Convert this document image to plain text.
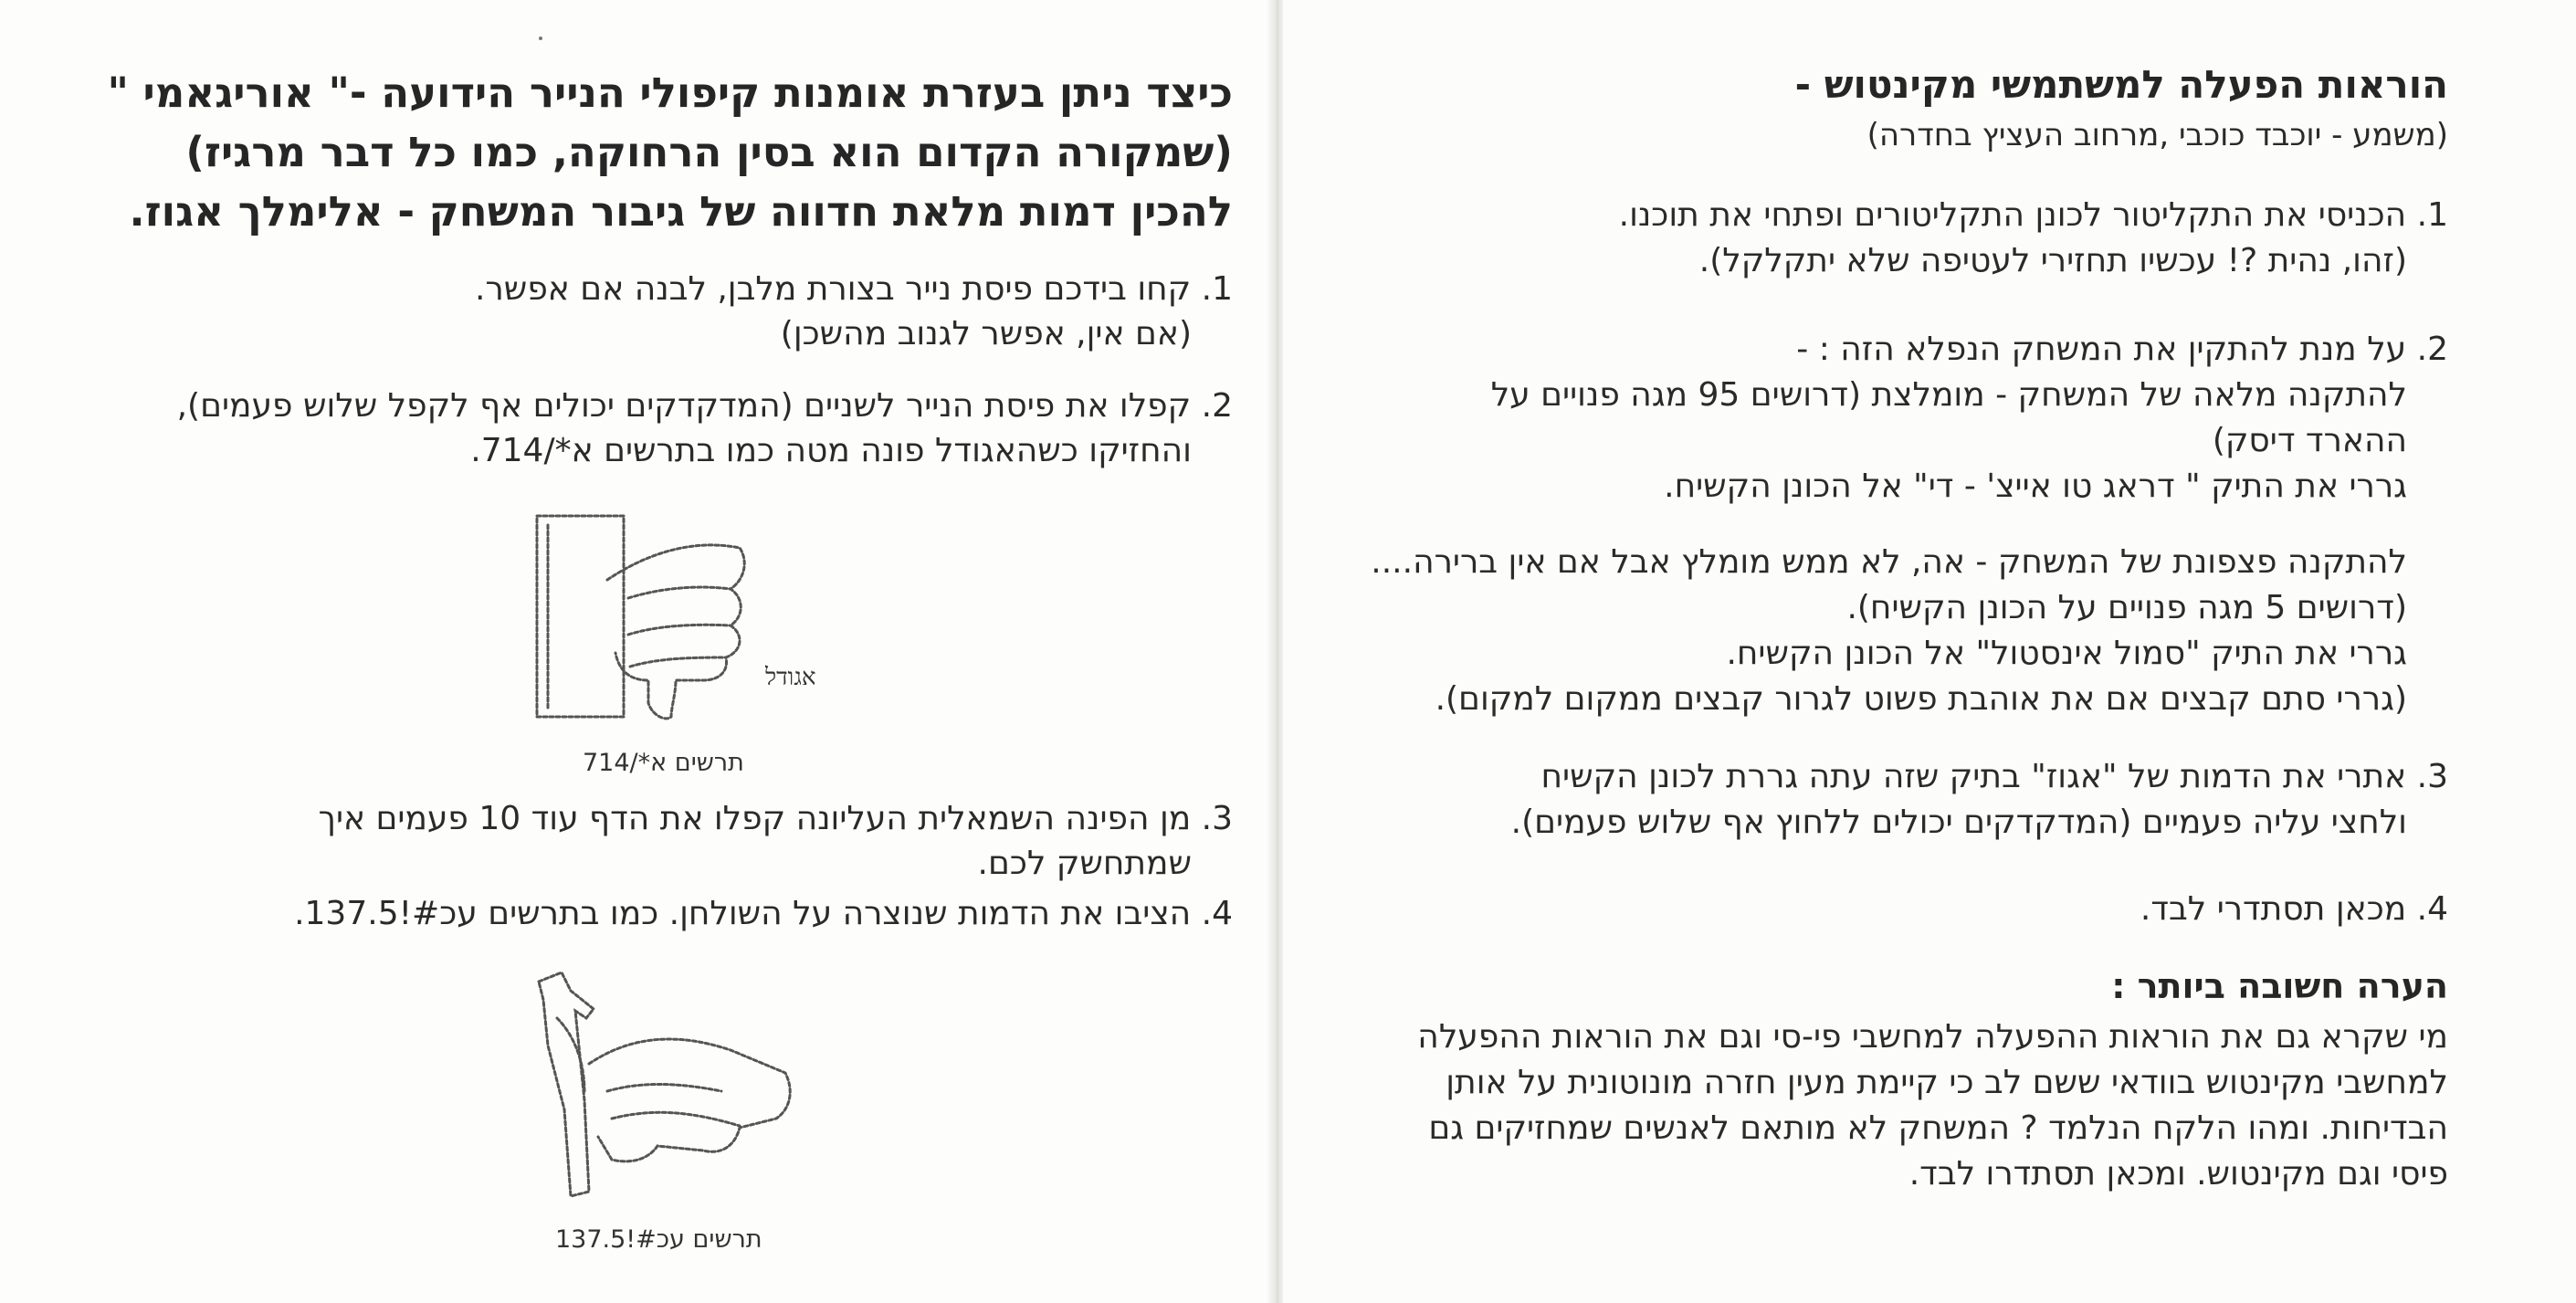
כיצד ניתן בעזרת אומנות קיפולי הנייר הידועה -" אוריגאמי "
(שמקורה הקדום הוא בסין הרחוקה, כמו כל דבר מרגיז)
להכין דמות מלאת חדווה של גיבור המשחק - אלימלך אגוז.

1. קחו בידכם פיסת נייר בצורת מלבן, לבנה אם אפשר.

(אם אין, אפשר לגנוב מהשכן)

2. קפלו את פיסת הנייר לשניים (המדקדקים יכולים אף לקפל שלוש פעמים),

והחזיקו כשהאגודל פונה מטה כמו בתרשים א*/714.

אגודל

תרשים א*/714

3. מן הפינה השמאלית העליונה קפלו את הדף עוד 10 פעמים איך

שמתחשק לכם.

4. הציבו את הדמות שנוצרה על השולחן. כמו בתרשים עכ#!137.5.

תרשים עכ#!137.5

הוראות הפעלה למשתמשי מקינטוש -

(משמע - יוכבד כוכבי ,מרחוב העציץ בחדרה)

1. הכניסי את התקליטור לכונן התקליטורים ופתחי את תוכנו.

(זהו, נהית ?! עכשיו תחזירי לעטיפה שלא יתקלקל).

2. על מנת להתקין את המשחק הנפלא הזה : -

להתקנה מלאה של המשחק - מומלצת (דרושים 95 מגה פנויים על

ההארד דיסק)

גררי את התיק " דראג טו אייצ' - די" אל הכונן הקשיח.

להתקנה פצפונת של המשחק - אה, לא ממש מומלץ אבל אם אין ברירה....

(דרושים 5 מגה פנויים על הכונן הקשיח).

גררי את התיק "סמול אינסטול" אל הכונן הקשיח.

(גררי סתם קבצים אם את אוהבת פשוט לגרור קבצים ממקום למקום).

3. אתרי את הדמות של "אגוז" בתיק שזה עתה גררת לכונן הקשיח

ולחצי עליה פעמיים (המדקדקים יכולים ללחוץ אף שלוש פעמים).

4. מכאן תסתדרי לבד.

הערה חשובה ביותר :

מי שקרא גם את הוראות ההפעלה למחשבי פי-סי וגם את הוראות ההפעלה

למחשבי מקינטוש בוודאי ששם לב כי קיימת מעין חזרה מונוטונית על אותן

הבדיחות. ומהו הלקח הנלמד ? המשחק לא מותאם לאנשים שמחזיקים גם

פיסי וגם מקינטוש. ומכאן תסתדרו לבד.
